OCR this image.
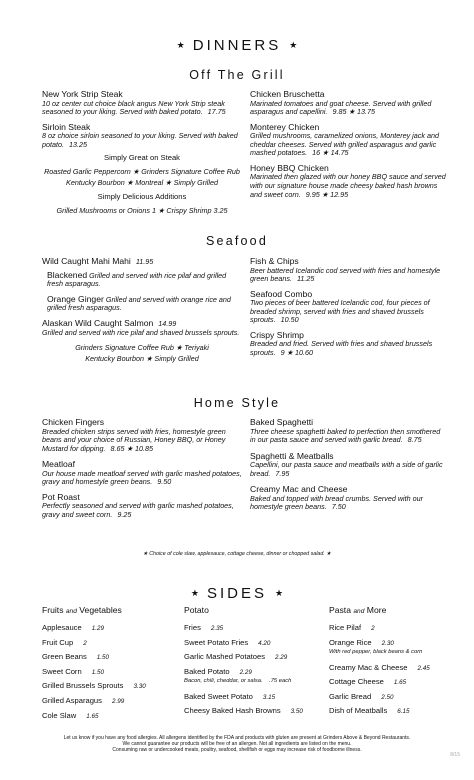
★ DINNERS ★
Off The Grill
New York Strip Steak
10 oz center cut choice black angus New York Strip steak seasoned to your liking. Served with baked potato. 17.75
Sirloin Steak
8 oz choice sirloin seasoned to your liking. Served with baked potato. 13.25
Simply Great on Steak
Roasted Garlic Peppercorn ★ Grinders Signature Coffee Rub
Kentucky Bourbon ★ Montreal ★ Simply Grilled
Simply Delicious Additions
Grilled Mushrooms or Onions 1 ★ Crispy Shrimp 3.25
Chicken Bruschetta
Marinated tomatoes and goat cheese. Served with grilled asparagus and capellini. 9.85 ★ 13.75
Monterey Chicken
Grilled mushrooms, caramelized onions, Monterey jack and cheddar cheeses. Served with grilled asparagus and garlic mashed potatoes. 16 ★ 14.75
Honey BBQ Chicken
Marinated then glazed with our honey BBQ sauce and served with our signature house made cheesy baked hash browns and sweet corn. 9.95 ★ 12.95
Seafood
Wild Caught Mahi Mahi 11.95
Blackened Grilled and served with rice pilaf and grilled fresh asparagus.
Orange Ginger Grilled and served with orange rice and grilled fresh asparagus.
Alaskan Wild Caught Salmon 14.99
Grilled and served with rice pilaf and shaved brussels sprouts.
Grinders Signature Coffee Rub ★ Teriyaki
Kentucky Bourbon ★ Simply Grilled
Fish & Chips
Beer battered Icelandic cod served with fries and homestyle green beans. 11.25
Seafood Combo
Two pieces of beer battered Icelandic cod, four pieces of breaded shrimp, served with fries and shaved brussels sprouts. 10.50
Crispy Shrimp
Breaded and fried. Served with fries and shaved brussels sprouts. 9 ★ 10.60
Home Style
Chicken Fingers
Breaded chicken strips served with fries, homestyle green beans and your choice of Russian, Honey BBQ, or Honey Mustard for dipping. 8.65 ★ 10.85
Meatloaf
Our house made meatloaf served with garlic mashed potatoes, gravy and homestyle green beans. 9.50
Pot Roast
Perfectly seasoned and served with garlic mashed potatoes, gravy and sweet corn. 9.25
Baked Spaghetti
Three cheese spaghetti baked to perfection then smothered in our pasta sauce and served with garlic bread. 8.75
Spaghetti & Meatballs
Capellini, our pasta sauce and meatballs with a side of garlic bread. 7.95
Creamy Mac and Cheese
Baked and topped with bread crumbs. Served with our homestyle green beans. 7.50
★ Choice of cole slaw, applesauce, cottage cheese, dinner or chopped salad. ★
★ SIDES ★
Fruits and Vegetables
Applesauce 1.29
Fruit Cup 2
Green Beans 1.50
Sweet Corn 1.50
Grilled Brussels Sprouts 3.30
Grilled Asparagus 2.99
Cole Slaw 1.65
Potato
Fries 2.35
Sweet Potato Fries 4.20
Garlic Mashed Potatoes 2.29
Baked Potato 2.29
Bacon, chili, cheddar, or salsa. .75 each
Baked Sweet Potato 3.15
Cheesy Baked Hash Browns 3.50
Pasta and More
Rice Pilaf 2
Orange Rice 2.30
With red pepper, black beans & corn
Creamy Mac & Cheese 2.45
Cottage Cheese 1.65
Garlic Bread 2.50
Dish of Meatballs 6.15
Let us know if you have any food allergies. All allergens identified by the FDA and products with gluten are present at Grinders Above & Beyond Restaurants.
We cannot guarantee our products will be free of an allergen. Not all ingredients are listed on the menu.
Consuming raw or undercooked meats, poultry, seafood, shellfish or eggs may increase risk of foodborne illness.
8/15
